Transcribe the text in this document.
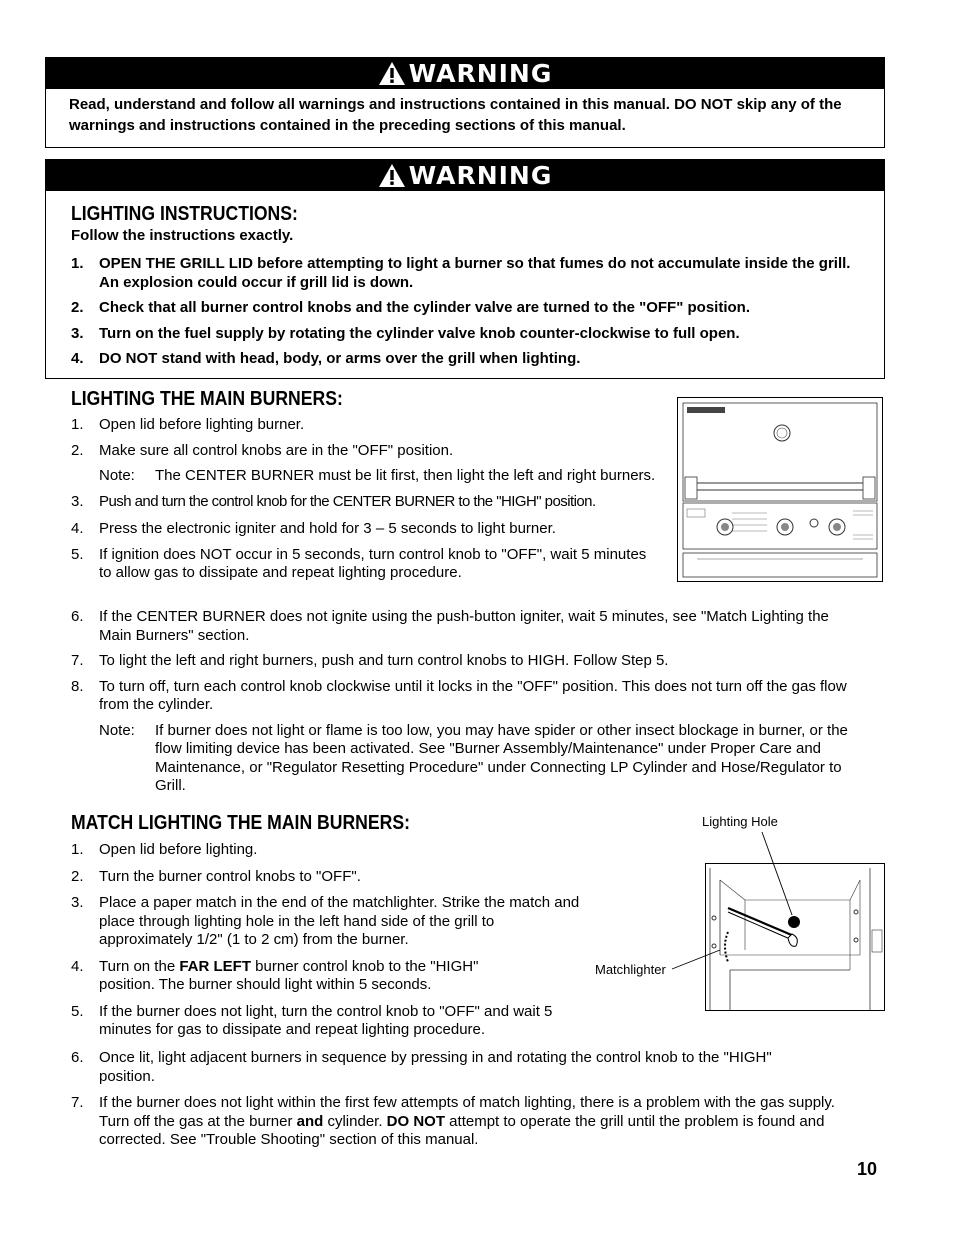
WARNING
Read, understand and follow all warnings and instructions contained in this manual. DO NOT skip any of the warnings and instructions contained in the preceding sections of this manual.
WARNING
LIGHTING INSTRUCTIONS:
Follow the instructions exactly.
1. OPEN THE GRILL LID before attempting to light a burner so that fumes do not accumulate inside the grill. An explosion could occur if grill lid is down.
2. Check that all burner control knobs and the cylinder valve are turned to the "OFF" position.
3. Turn on the fuel supply by rotating the cylinder valve knob counter-clockwise to full open.
4. DO NOT stand with head, body, or arms over the grill when lighting.
LIGHTING THE MAIN BURNERS:
1. Open lid before lighting burner.
2. Make sure all control knobs are in the "OFF" position.
Note: The CENTER BURNER must be lit first, then light the left and right burners.
3. Push and turn the control knob for the CENTER BURNER to the "HIGH" position.
4. Press the electronic igniter and hold for 3 – 5 seconds to light burner.
5. If ignition does NOT occur in 5 seconds, turn control knob to "OFF", wait 5 minutes to allow gas to dissipate and repeat lighting procedure.
6. If the CENTER BURNER does not ignite using the push-button igniter, wait 5 minutes, see "Match Lighting the Main Burners" section.
7. To light the left and right burners, push and turn control knobs to HIGH. Follow Step 5.
8. To turn off, turn each control knob clockwise until it locks in the "OFF" position. This does not turn off the gas flow from the cylinder.
Note: If burner does not light or flame is too low, you may have spider or other insect blockage in burner, or the flow limiting device has been activated. See "Burner Assembly/Maintenance" under Proper Care and Maintenance, or "Regulator Resetting Procedure" under Connecting LP Cylinder and Hose/Regulator to Grill.
MATCH LIGHTING THE MAIN BURNERS:
1. Open lid before lighting.
2. Turn the burner control knobs to "OFF".
3. Place a paper match in the end of the matchlighter. Strike the match and place through lighting hole in the left hand side of the grill to approximately 1/2" (1 to 2 cm) from the burner.
4. Turn on the FAR LEFT burner control knob to the "HIGH" position. The burner should light within 5 seconds.
5. If the burner does not light, turn the control knob to "OFF" and wait 5 minutes for gas to dissipate and repeat lighting procedure.
6. Once lit, light adjacent burners in sequence by pressing in and rotating the control knob to the "HIGH" position.
7. If the burner does not light within the first few attempts of match lighting, there is a problem with the gas supply. Turn off the gas at the burner and cylinder. DO NOT attempt to operate the grill until the problem is found and corrected. See "Trouble Shooting" section of this manual.
Lighting Hole
Matchlighter
10
